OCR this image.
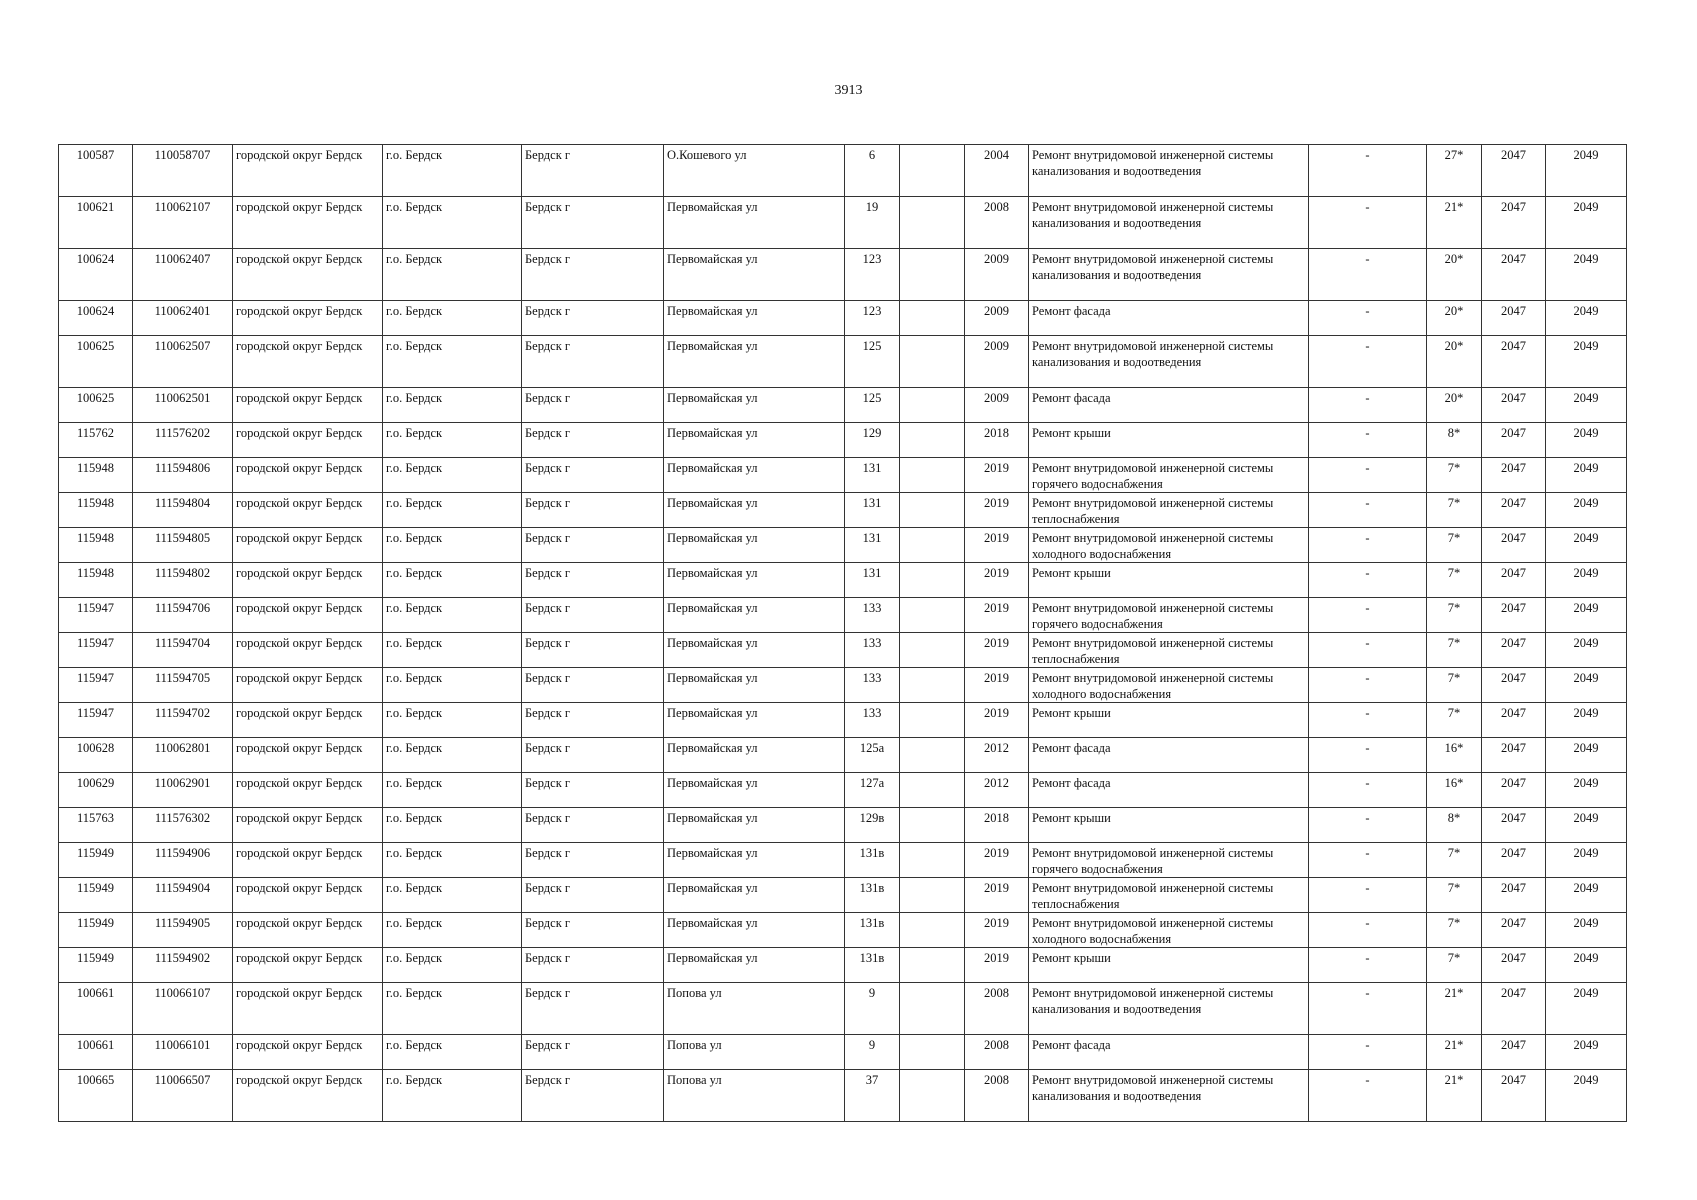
3913
100587	110058707	городской округ Бердск	г.о. Бердск	Бердск г	О.Кошевого ул	6		2004	Ремонт внутридомовой инженерной системы канализования и водоотведения	-	27*	2047	2049
100621	110062107	городской округ Бердск	г.о. Бердск	Бердск г	Первомайская ул	19		2008	Ремонт внутридомовой инженерной системы канализования и водоотведения	-	21*	2047	2049
100624	110062407	городской округ Бердск	г.о. Бердск	Бердск г	Первомайская ул	123		2009	Ремонт внутридомовой инженерной системы канализования и водоотведения	-	20*	2047	2049
100624	110062401	городской округ Бердск	г.о. Бердск	Бердск г	Первомайская ул	123		2009	Ремонт фасада	-	20*	2047	2049
100625	110062507	городской округ Бердск	г.о. Бердск	Бердск г	Первомайская ул	125		2009	Ремонт внутридомовой инженерной системы канализования и водоотведения	-	20*	2047	2049
100625	110062501	городской округ Бердск	г.о. Бердск	Бердск г	Первомайская ул	125		2009	Ремонт фасада	-	20*	2047	2049
115762	111576202	городской округ Бердск	г.о. Бердск	Бердск г	Первомайская ул	129		2018	Ремонт крыши	-	8*	2047	2049
115948	111594806	городской округ Бердск	г.о. Бердск	Бердск г	Первомайская ул	131		2019	Ремонт внутридомовой инженерной системы горячего водоснабжения	-	7*	2047	2049
115948	111594804	городской округ Бердск	г.о. Бердск	Бердск г	Первомайская ул	131		2019	Ремонт внутридомовой инженерной системы теплоснабжения	-	7*	2047	2049
115948	111594805	городской округ Бердск	г.о. Бердск	Бердск г	Первомайская ул	131		2019	Ремонт внутридомовой инженерной системы холодного водоснабжения	-	7*	2047	2049
115948	111594802	городской округ Бердск	г.о. Бердск	Бердск г	Первомайская ул	131		2019	Ремонт крыши	-	7*	2047	2049
115947	111594706	городской округ Бердск	г.о. Бердск	Бердск г	Первомайская ул	133		2019	Ремонт внутридомовой инженерной системы горячего водоснабжения	-	7*	2047	2049
115947	111594704	городской округ Бердск	г.о. Бердск	Бердск г	Первомайская ул	133		2019	Ремонт внутридомовой инженерной системы теплоснабжения	-	7*	2047	2049
115947	111594705	городской округ Бердск	г.о. Бердск	Бердск г	Первомайская ул	133		2019	Ремонт внутридомовой инженерной системы холодного водоснабжения	-	7*	2047	2049
115947	111594702	городской округ Бердск	г.о. Бердск	Бердск г	Первомайская ул	133		2019	Ремонт крыши	-	7*	2047	2049
100628	110062801	городской округ Бердск	г.о. Бердск	Бердск г	Первомайская ул	125а		2012	Ремонт фасада	-	16*	2047	2049
100629	110062901	городской округ Бердск	г.о. Бердск	Бердск г	Первомайская ул	127а		2012	Ремонт фасада	-	16*	2047	2049
115763	111576302	городской округ Бердск	г.о. Бердск	Бердск г	Первомайская ул	129в		2018	Ремонт крыши	-	8*	2047	2049
115949	111594906	городской округ Бердск	г.о. Бердск	Бердск г	Первомайская ул	131в		2019	Ремонт внутридомовой инженерной системы горячего водоснабжения	-	7*	2047	2049
115949	111594904	городской округ Бердск	г.о. Бердск	Бердск г	Первомайская ул	131в		2019	Ремонт внутридомовой инженерной системы теплоснабжения	-	7*	2047	2049
115949	111594905	городской округ Бердск	г.о. Бердск	Бердск г	Первомайская ул	131в		2019	Ремонт внутридомовой инженерной системы холодного водоснабжения	-	7*	2047	2049
115949	111594902	городской округ Бердск	г.о. Бердск	Бердск г	Первомайская ул	131в		2019	Ремонт крыши	-	7*	2047	2049
100661	110066107	городской округ Бердск	г.о. Бердск	Бердск г	Попова ул	9		2008	Ремонт внутридомовой инженерной системы канализования и водоотведения	-	21*	2047	2049
100661	110066101	городской округ Бердск	г.о. Бердск	Бердск г	Попова ул	9		2008	Ремонт фасада	-	21*	2047	2049
100665	110066507	городской округ Бердск	г.о. Бердск	Бердск г	Попова ул	37		2008	Ремонт внутридомовой инженерной системы канализования и водоотведения	-	21*	2047	2049
